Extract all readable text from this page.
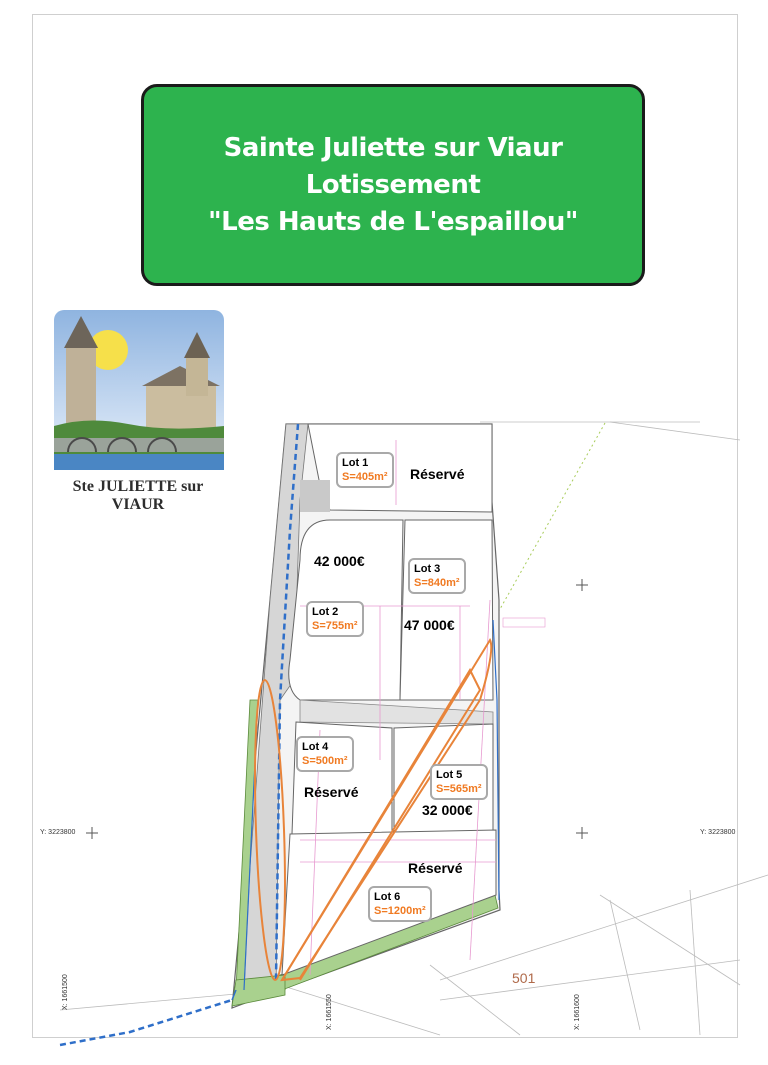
Sainte Juliette sur Viaur
Lotissement
"Les Hauts de L'espaillou"
Ste JULIETTE sur VIAUR
Lot 1
S=405m²
Lot 2
S=755m²
Lot 3
S=840m²
Lot 4
S=500m²
Lot 5
S=565m²
Lot 6
S=1200m²
Réservé
42 000€
47 000€
Réservé
32 000€
Réservé
Y: 3223800	Y: 3223800
X: 1661500
X: 1661550	X: 1661600
501
